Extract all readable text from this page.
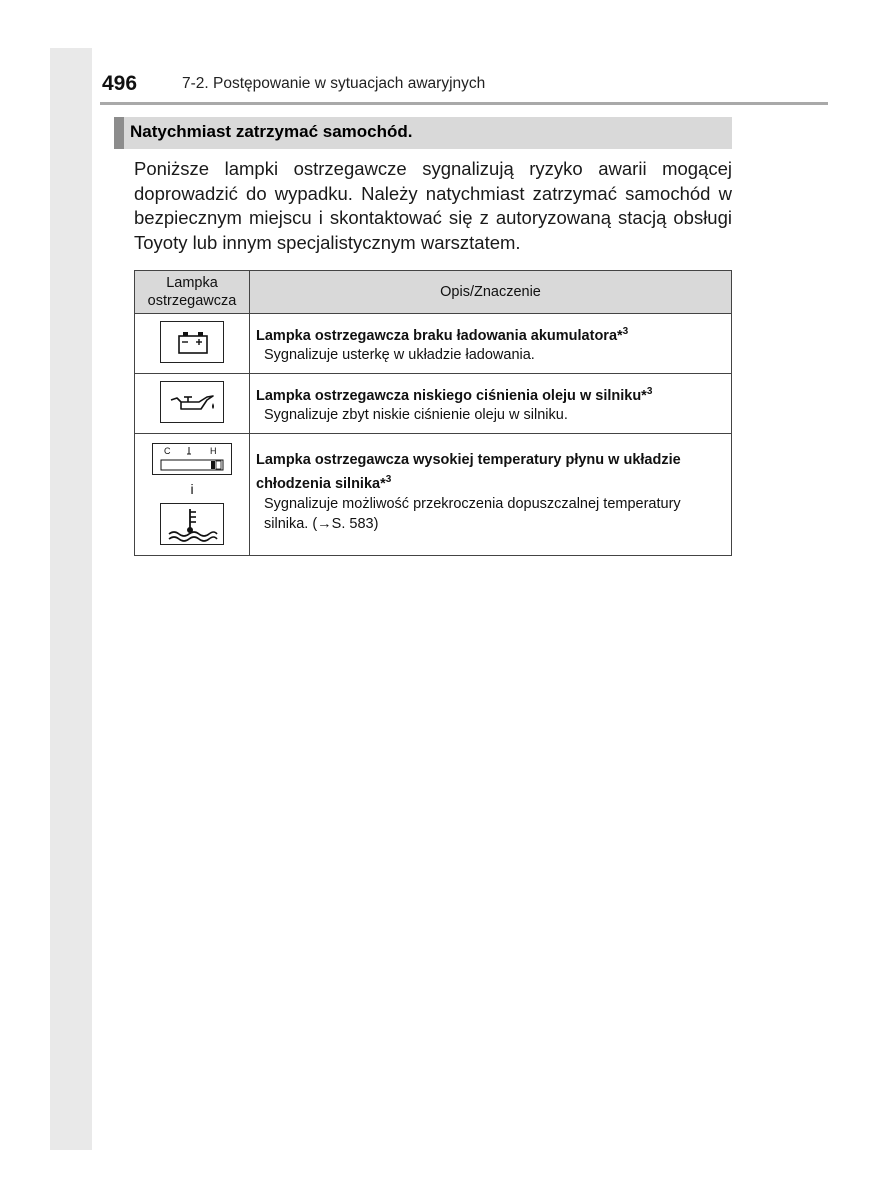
496	7-2. Postępowanie w sytuacjach awaryjnych
Natychmiast zatrzymać samochód.

Poniższe lampki ostrzegawcze sygnalizują ryzyko awarii mogącej doprowadzić do wypadku. Należy natychmiast zatrzymać samochód w bezpiecznym miejscu i skontaktować się z autoryzowaną stacją obsługi Toyoty lub innym specjalistycznym warsztatem.

Lampka
ostrzegawcza	Opis/Znaczenie

Lampka ostrzegawcza braku ładowania akumulatora*$^3$
Sygnalizuje usterkę w układzie ładowania.

Lampka ostrzegawcza niskiego ciśnienia oleju w silniku*$^3$
Sygnalizuje zbyt niskie ciśnienie oleju w silniku.

C H
i	Lampka ostrzegawcza wysokiej temperatury płynu w układzie chłodzenia silnika*$^3$
Sygnalizuje możliwość przekroczenia dopuszczalnej temperatury silnika. (→S. 583)
